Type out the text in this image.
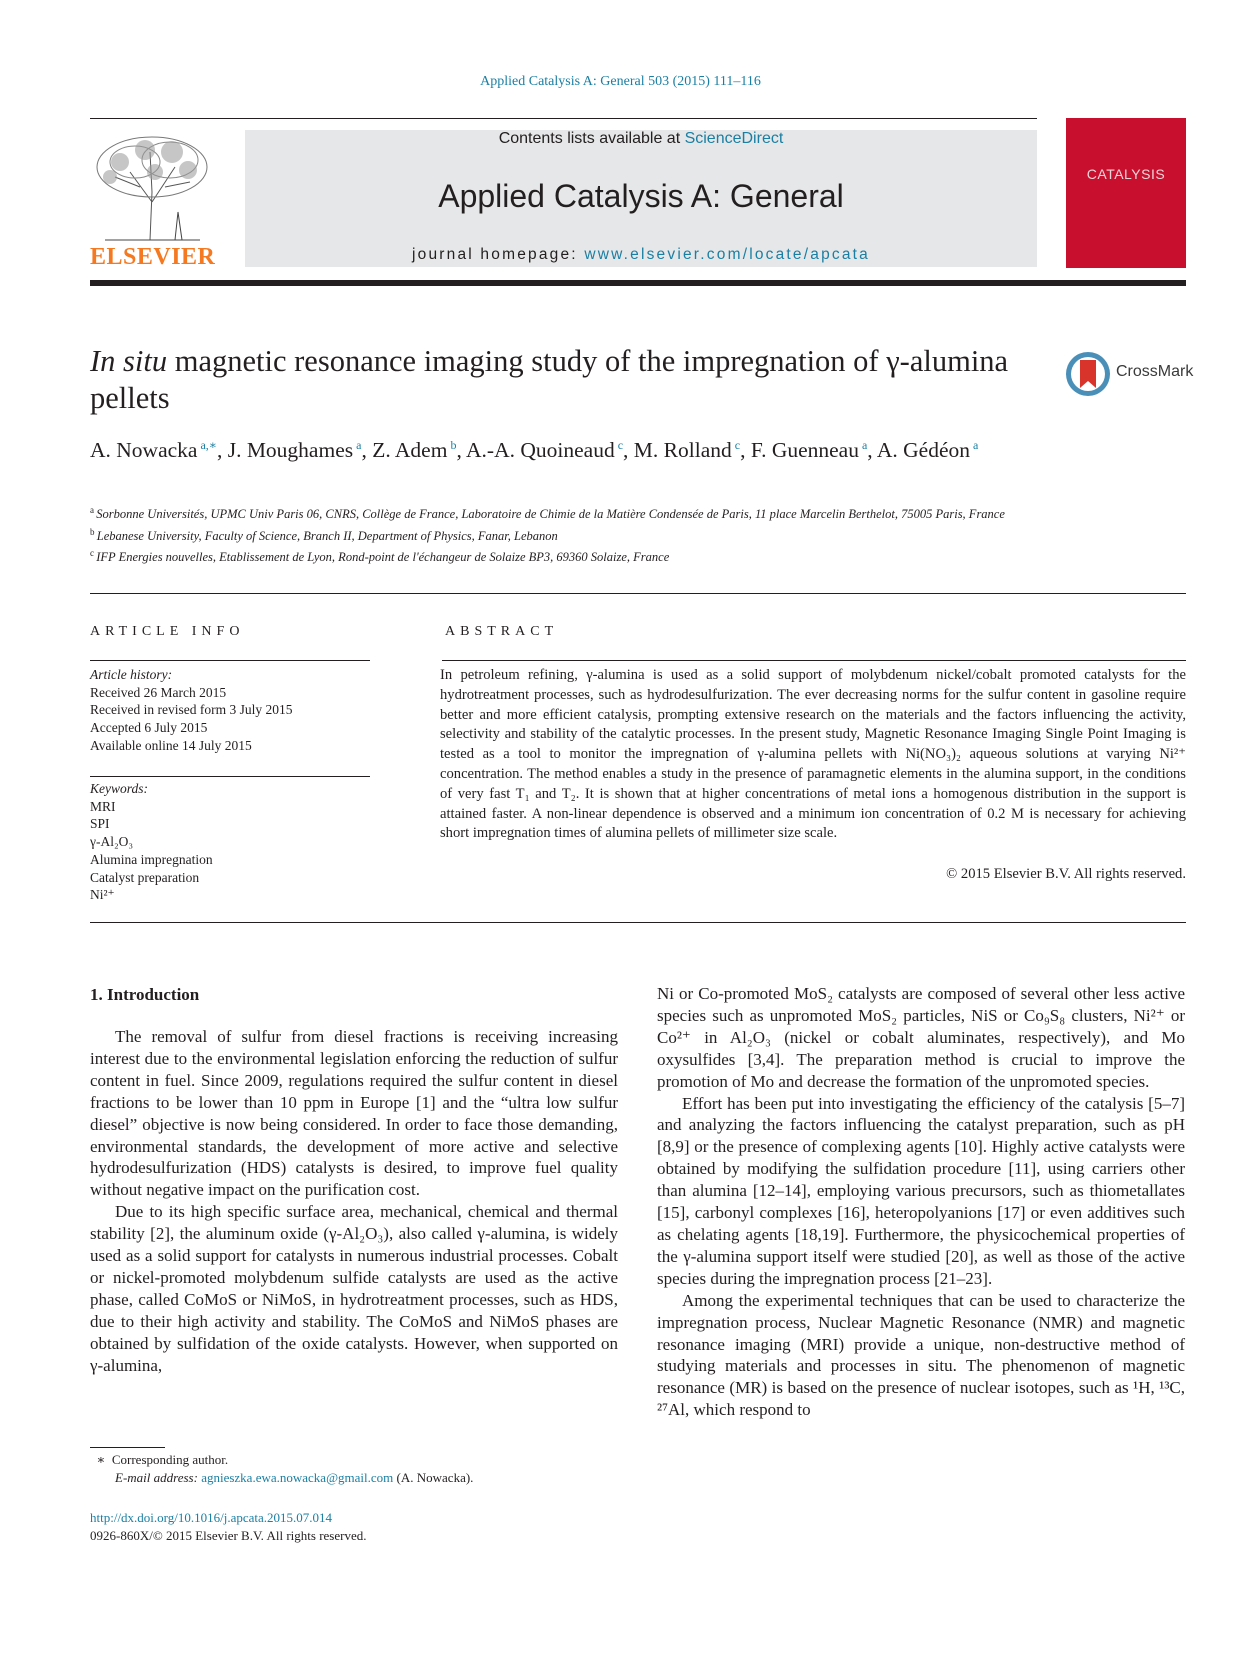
Applied Catalysis A: General 503 (2015) 111–116
ELSEVIER
Contents lists available at ScienceDirect
Applied Catalysis A: General
journal homepage: www.elsevier.com/locate/apcata
CATALYSIS
In situ magnetic resonance imaging study of the impregnation of γ-alumina pellets
CrossMark
A. Nowacka $^{a,∗}$, J. Moughames $^a$, Z. Adem $^b$, A.-A. Quoineaud $^c$, M. Rolland $^c$, F. Guenneau $^a$, A. Gédéon $^a$
$^a$ Sorbonne Universités, UPMC Univ Paris 06, CNRS, Collège de France, Laboratoire de Chimie de la Matière Condensée de Paris, 11 place Marcelin Berthelot, 75005 Paris, France
$^b$ Lebanese University, Faculty of Science, Branch II, Department of Physics, Fanar, Lebanon
$^c$ IFP Energies nouvelles, Etablissement de Lyon, Rond-point de l'échangeur de Solaize BP3, 69360 Solaize, France
ARTICLE INFO	ABSTRACT
Article history:
Received 26 March 2015
Received in revised form 3 July 2015
Accepted 6 July 2015
Available online 14 July 2015
Keywords:
MRI
SPI
γ-Al₂O₃
Alumina impregnation
Catalyst preparation
Ni²⁺
In petroleum refining, γ-alumina is used as a solid support of molybdenum nickel/cobalt promoted catalysts for the hydrotreatment processes, such as hydrodesulfurization. The ever decreasing norms for the sulfur content in gasoline require better and more efficient catalysis, prompting extensive research on the materials and the factors influencing the activity, selectivity and stability of the catalytic processes. In the present study, Magnetic Resonance Imaging Single Point Imaging is tested as a tool to monitor the impregnation of γ-alumina pellets with Ni(NO₃)₂ aqueous solutions at varying Ni²⁺ concentration. The method enables a study in the presence of paramagnetic elements in the alumina support, in the conditions of very fast T₁ and T₂. It is shown that at higher concentrations of metal ions a homogenous distribution in the support is attained faster. A non-linear dependence is observed and a minimum ion concentration of 0.2 M is necessary for achieving short impregnation times of alumina pellets of millimeter size scale.
© 2015 Elsevier B.V. All rights reserved.
1. Introduction

The removal of sulfur from diesel fractions is receiving increasing interest due to the environmental legislation enforcing the reduction of sulfur content in fuel. Since 2009, regulations required the sulfur content in diesel fractions to be lower than 10 ppm in Europe [1] and the “ultra low sulfur diesel” objective is now being considered. In order to face those demanding, environmental standards, the development of more active and selective hydrodesulfurization (HDS) catalysts is desired, to improve fuel quality without negative impact on the purification cost.

Due to its high specific surface area, mechanical, chemical and thermal stability [2], the aluminum oxide (γ-Al₂O₃), also called γ-alumina, is widely used as a solid support for catalysts in numerous industrial processes. Cobalt or nickel-promoted molybdenum sulfide catalysts are used as the active phase, called CoMoS or NiMoS, in hydrotreatment processes, such as HDS, due to their high activity and stability. The CoMoS and NiMoS phases are obtained by sulfidation of the oxide catalysts. However, when supported on γ-alumina,

Ni or Co-promoted MoS₂ catalysts are composed of several other less active species such as unpromoted MoS₂ particles, NiS or Co₉S₈ clusters, Ni²⁺ or Co²⁺ in Al₂O₃ (nickel or cobalt aluminates, respectively), and Mo oxysulfides [3,4]. The preparation method is crucial to improve the promotion of Mo and decrease the formation of the unpromoted species.

Effort has been put into investigating the efficiency of the catalysis [5–7] and analyzing the factors influencing the catalyst preparation, such as pH [8,9] or the presence of complexing agents [10]. Highly active catalysts were obtained by modifying the sulfidation procedure [11], using carriers other than alumina [12–14], employing various precursors, such as thiometallates [15], carbonyl complexes [16], heteropolyanions [17] or even additives such as chelating agents [18,19]. Furthermore, the physicochemical properties of the γ-alumina support itself were studied [20], as well as those of the active species during the impregnation process [21–23].

Among the experimental techniques that can be used to characterize the impregnation process, Nuclear Magnetic Resonance (NMR) and magnetic resonance imaging (MRI) provide a unique, non-destructive method of studying materials and processes in situ. The phenomenon of magnetic resonance (MR) is based on the presence of nuclear isotopes, such as ¹H, ¹³C, ²⁷Al, which respond to

∗ Corresponding author.
E-mail address: agnieszka.ewa.nowacka@gmail.com (A. Nowacka).
http://dx.doi.org/10.1016/j.apcata.2015.07.014
0926-860X/© 2015 Elsevier B.V. All rights reserved.
